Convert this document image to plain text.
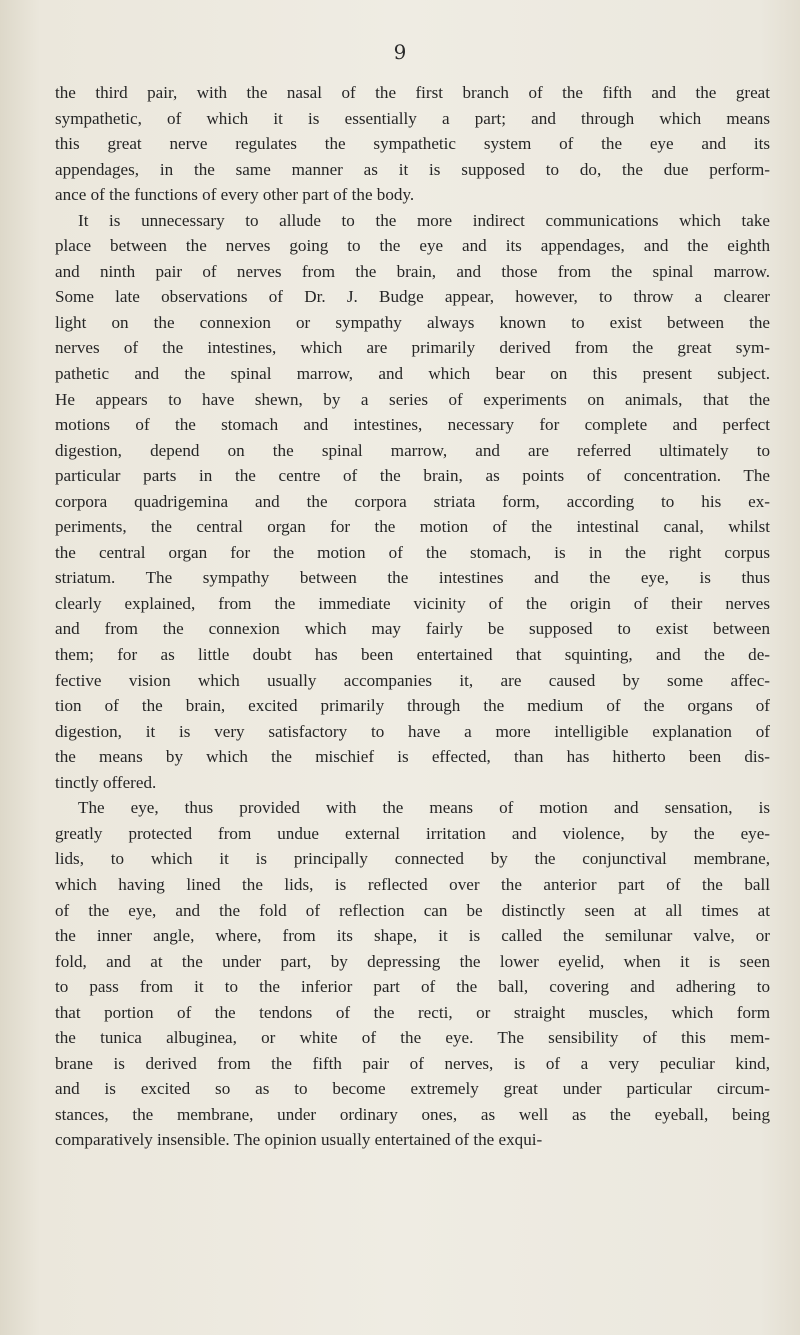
9

the third pair, with the nasal of the first branch of the fifth and the great
sympathetic, of which it is essentially a part; and through which means
this great nerve regulates the sympathetic system of the eye and its
appendages, in the same manner as it is supposed to do, the due perform-
ance of the functions of every other part of the body.

It is unnecessary to allude to the more indirect communications which take
place between the nerves going to the eye and its appendages, and the eighth
and ninth pair of nerves from the brain, and those from the spinal marrow.
Some late observations of Dr. J. Budge appear, however, to throw a clearer
light on the connexion or sympathy always known to exist between the
nerves of the intestines, which are primarily derived from the great sym-
pathetic and the spinal marrow, and which bear on this present subject.
He appears to have shewn, by a series of experiments on animals, that the
motions of the stomach and intestines, necessary for complete and perfect
digestion, depend on the spinal marrow, and are referred ultimately to
particular parts in the centre of the brain, as points of concentration. The
corpora quadrigemina and the corpora striata form, according to his ex-
periments, the central organ for the motion of the intestinal canal, whilst
the central organ for the motion of the stomach, is in the right corpus
striatum. The sympathy between the intestines and the eye, is thus
clearly explained, from the immediate vicinity of the origin of their nerves
and from the connexion which may fairly be supposed to exist between
them; for as little doubt has been entertained that squinting, and the de-
fective vision which usually accompanies it, are caused by some affec-
tion of the brain, excited primarily through the medium of the organs of
digestion, it is very satisfactory to have a more intelligible explanation of
the means by which the mischief is effected, than has hitherto been dis-
tinctly offered.

The eye, thus provided with the means of motion and sensation, is
greatly protected from undue external irritation and violence, by the eye-
lids, to which it is principally connected by the conjunctival membrane,
which having lined the lids, is reflected over the anterior part of the ball
of the eye, and the fold of reflection can be distinctly seen at all times at
the inner angle, where, from its shape, it is called the semilunar valve, or
fold, and at the under part, by depressing the lower eyelid, when it is seen
to pass from it to the inferior part of the ball, covering and adhering to
that portion of the tendons of the recti, or straight muscles, which form
the tunica albuginea, or white of the eye. The sensibility of this mem-
brane is derived from the fifth pair of nerves, is of a very peculiar kind,
and is excited so as to become extremely great under particular circum-
stances, the membrane, under ordinary ones, as well as the eyeball, being
comparatively insensible. The opinion usually entertained of the exqui-
